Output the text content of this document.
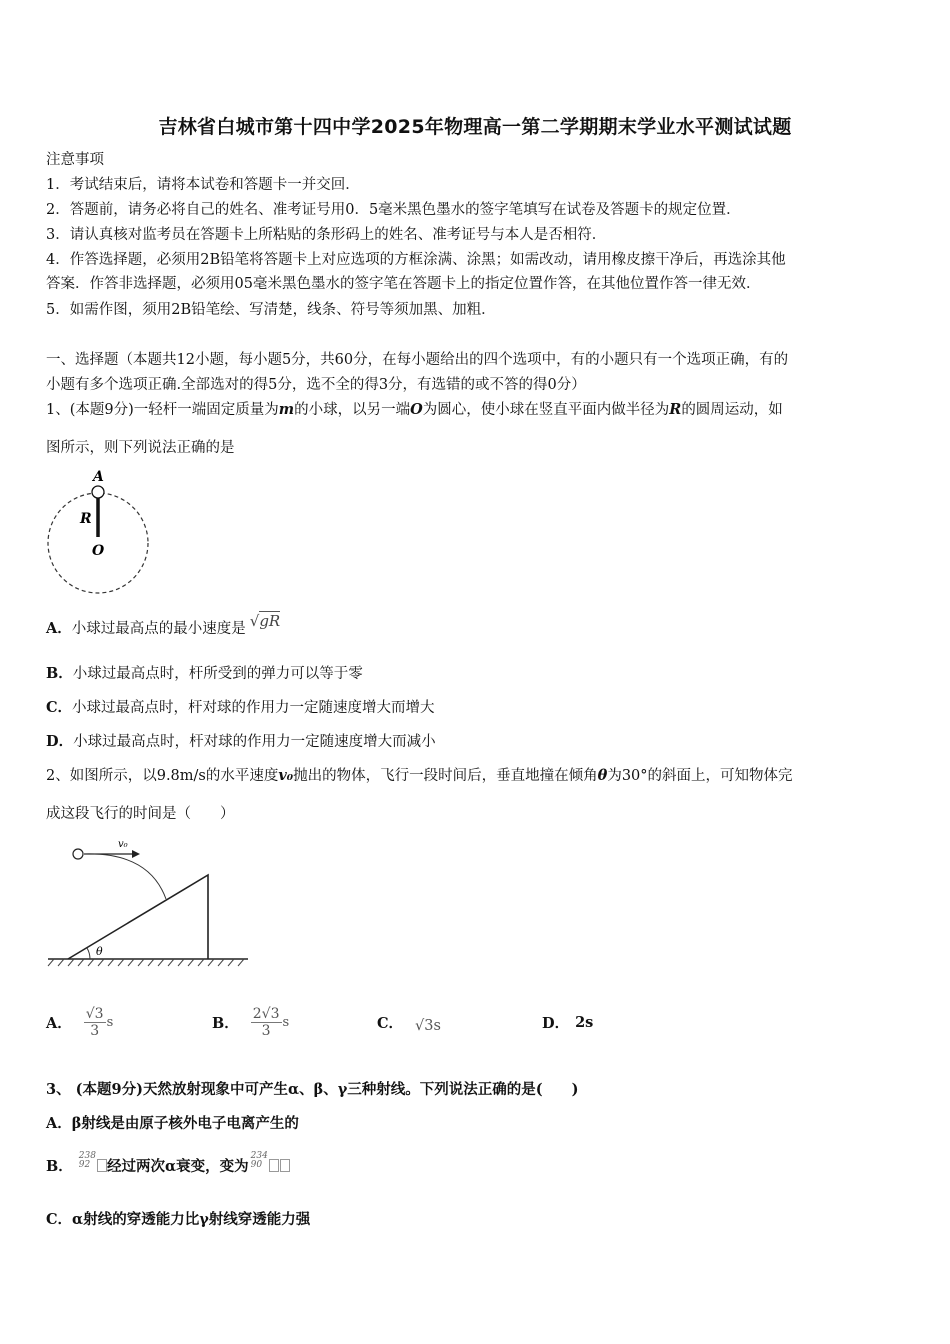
吉林省白城市第十四中学2025年物理高一第二学期期末学业水平测试试题
注意事项
1．考试结束后，请将本试卷和答题卡一并交回．
2．答题前，请务必将自己的姓名、准考证号用0．5毫米黑色墨水的签字笔填写在试卷及答题卡的规定位置．
3．请认真核对监考员在答题卡上所粘贴的条形码上的姓名、准考证号与本人是否相符．
4．作答选择题，必须用2B铅笔将答题卡上对应选项的方框涂满、涂黑；如需改动，请用橡皮擦干净后，再选涂其他
答案．作答非选择题，必须用05毫米黑色墨水的签字笔在答题卡上的指定位置作答，在其他位置作答一律无效．
5．如需作图，须用2B铅笔绘、写清楚，线条、符号等须加黑、加粗．
一、选择题（本题共12小题，每小题5分，共60分，在每小题给出的四个选项中，有的小题只有一个选项正确，有的
小题有多个选项正确.全部选对的得5分，选不全的得3分，有选错的或不答的得0分）
1、(本题9分)一轻杆一端固定质量为m的小球，以另一端O为圆心，使小球在竖直平面内做半径为R的圆周运动，如
图所示，则下列说法正确的是
A
R
O
A．小球过最高点的最小速度是 √gR
B．小球过最高点时，杆所受到的弹力可以等于零
C．小球过最高点时，杆对球的作用力一定随速度增大而增大
D．小球过最高点时，杆对球的作用力一定随速度增大而减小
2、如图所示，以9.8m/s的水平速度v₀抛出的物体，飞行一段时间后，垂直地撞在倾角θ为30°的斜面上，可知物体完
成这段飞行的时间是（　　）
θ
v₀
A． $\frac{√3}{3}$ s	B． $\frac{2√3}{3}$ s	C． √3s	D． 2s
3、 (本题9分)天然放射现象中可产生α、β、γ三种射线。下列说法正确的是(　　)
A．β射线是由原子核外电子电离产生的
B．
238
92	经过两次α衰变，变为
234
90
C．α射线的穿透能力比γ射线穿透能力强
